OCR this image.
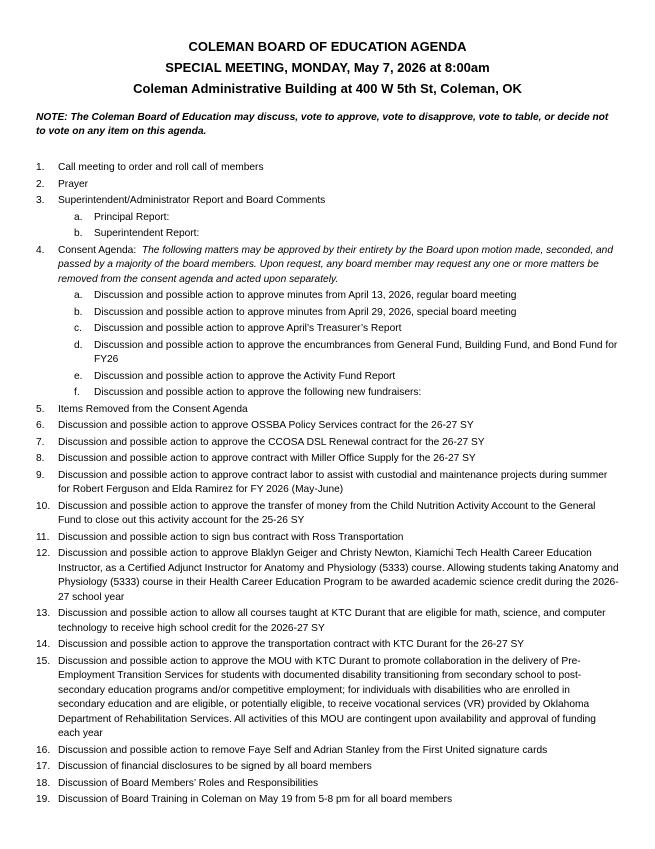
COLEMAN BOARD OF EDUCATION AGENDA
SPECIAL MEETING, MONDAY, May 7, 2026 at 8:00am
Coleman Administrative Building at 400 W 5th St, Coleman, OK

NOTE: The Coleman Board of Education may discuss, vote to approve, vote to disapprove, vote to table, or decide not to vote on any item on this agenda.

1.	Call meeting to order and roll call of members
2.	Prayer
3.	Superintendent/Administrator Report and Board Comments
a. Principal Report:
b. Superintendent Report:
4.	Consent Agenda: The following matters may be approved by their entirety by the Board upon motion made, seconded, and passed by a majority of the board members. Upon request, any board member may request any one or more matters be removed from the consent agenda and acted upon separately.
a. Discussion and possible action to approve minutes from April 13, 2026, regular board meeting
b. Discussion and possible action to approve minutes from April 29, 2026, special board meeting
c. Discussion and possible action to approve April’s Treasurer’s Report
d. Discussion and possible action to approve the encumbrances from General Fund, Building Fund, and Bond Fund for FY26
e. Discussion and possible action to approve the Activity Fund Report
f. Discussion and possible action to approve the following new fundraisers:
5.	Items Removed from the Consent Agenda
6.	Discussion and possible action to approve OSSBA Policy Services contract for the 26-27 SY
7.	Discussion and possible action to approve the CCOSA DSL Renewal contract for the 26-27 SY
8.	Discussion and possible action to approve contract with Miller Office Supply for the 26-27 SY
9.	Discussion and possible action to approve contract labor to assist with custodial and maintenance projects during summer for Robert Ferguson and Elda Ramirez for FY 2026 (May-June)
10. Discussion and possible action to approve the transfer of money from the Child Nutrition Activity Account to the General Fund to close out this activity account for the 25-26 SY
11. Discussion and possible action to sign bus contract with Ross Transportation
12. Discussion and possible action to approve Blaklyn Geiger and Christy Newton, Kiamichi Tech Health Career Education Instructor, as a Certified Adjunct Instructor for Anatomy and Physiology (5333) course. Allowing students taking Anatomy and Physiology (5333) course in their Health Career Education Program to be awarded academic science credit during the 2026-27 school year
13. Discussion and possible action to allow all courses taught at KTC Durant that are eligible for math, science, and computer technology to receive high school credit for the 2026-27 SY
14. Discussion and possible action to approve the transportation contract with KTC Durant for the 26-27 SY
15. Discussion and possible action to approve the MOU with KTC Durant to promote collaboration in the delivery of Pre-Employment Transition Services for students with documented disability transitioning from secondary school to post-secondary education programs and/or competitive employment; for individuals with disabilities who are enrolled in secondary education and are eligible, or potentially eligible, to receive vocational services (VR) provided by Oklahoma Department of Rehabilitation Services. All activities of this MOU are contingent upon availability and approval of funding each year
16. Discussion and possible action to remove Faye Self and Adrian Stanley from the First United signature cards
17. Discussion of financial disclosures to be signed by all board members
18. Discussion of Board Members’ Roles and Responsibilities
19. Discussion of Board Training in Coleman on May 19 from 5-8 pm for all board members
